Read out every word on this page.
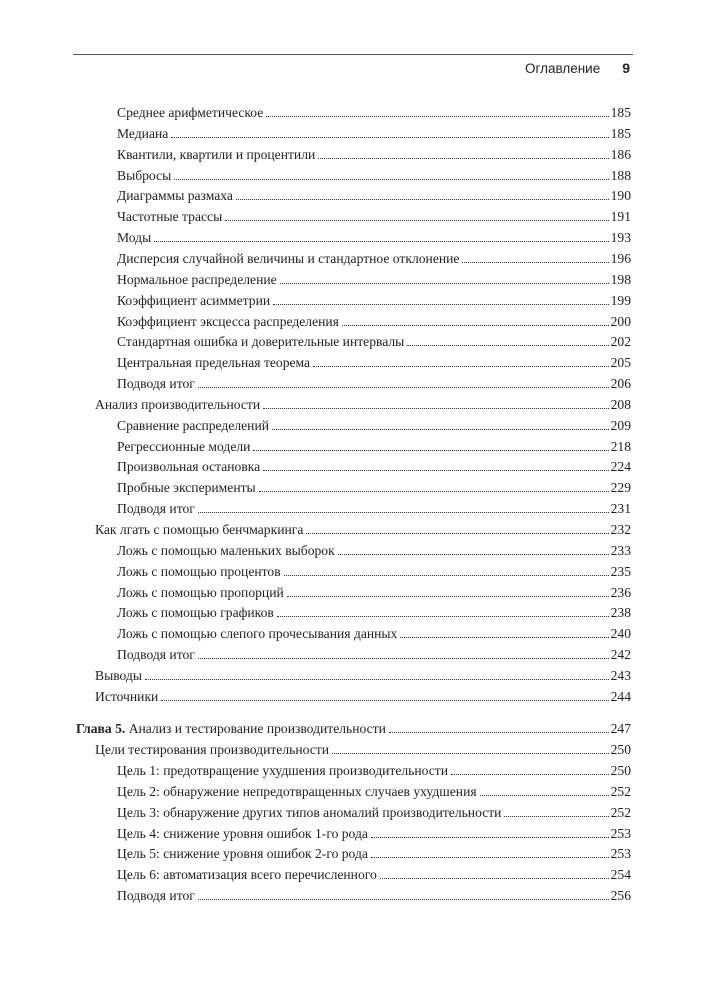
Оглавление 9
Среднее арифметическое	185
Медиана	185
Квантили, квартили и процентили	186
Выбросы	188
Диаграммы размаха	190
Частотные трассы	191
Моды	193
Дисперсия случайной величины и стандартное отклонение	196
Нормальное распределение	198
Коэффициент асимметрии	199
Коэффициент эксцесса распределения	200
Стандартная ошибка и доверительные интервалы	202
Центральная предельная теорема	205
Подводя итог	206
Анализ производительности	208
Сравнение распределений	209
Регрессионные модели	218
Произвольная остановка	224
Пробные эксперименты	229
Подводя итог	231
Как лгать с помощью бенчмаркинга	232
Ложь с помощью маленьких выборок	233
Ложь с помощью процентов	235
Ложь с помощью пропорций	236
Ложь с помощью графиков	238
Ложь с помощью слепого прочесывания данных	240
Подводя итог	242
Выводы	243
Источники	244
Глава 5. Анализ и тестирование производительности	247
Цели тестирования производительности	250
Цель 1: предотвращение ухудшения производительности	250
Цель 2: обнаружение непредотвращенных случаев ухудшения	252
Цель 3: обнаружение других типов аномалий производительности	252
Цель 4: снижение уровня ошибок 1-го рода	253
Цель 5: снижение уровня ошибок 2-го рода	253
Цель 6: автоматизация всего перечисленного	254
Подводя итог	256
